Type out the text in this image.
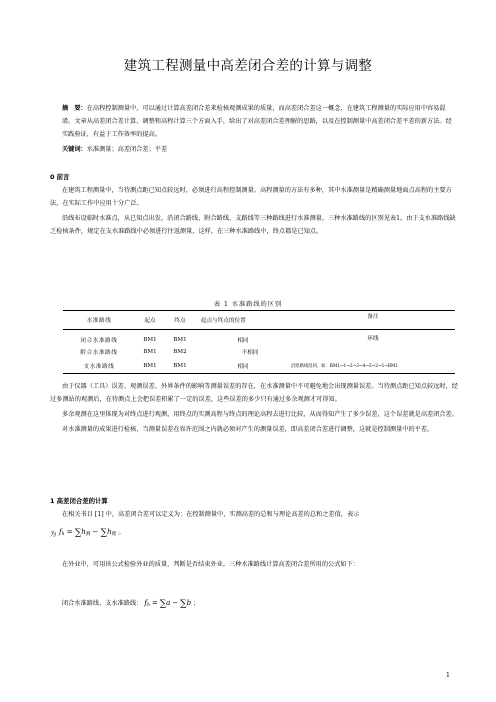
建筑工程测量中高差闭合差的计算与调整

摘　要：在高程控制测量中，可以通过计算高差闭合差来检核观测成果的质量，而高差闭合差这一概念，在建筑工程测量的实际应用中容易混淆。文章从高差闭合差计算、调整和高程计算三个方面入手，给出了对高差闭合差理解的思路，以及在控制测量中高差闭合差平差的新方法。经实践验证，有益于工作效率的提高。

关键词：水准测量；高差闭合差；平差

0 前言

在建筑工程测量中，当待测点距已知点较远时，必须进行高程控制测量。高程测量的方法有多种，其中水准测量是精确测量地面点高程的主要方法，在实际工作中应用十分广泛。

沿线布设临时水准点，从已知点出发，沿闭合路线、附合路线、支路线等三种路线进行水准测量，三种水准路线的区别见表1。由于支水准路线缺乏检核条件，规定在支水准路线中必须进行往返测量，这样，在三种水准路线中，终点都是已知点。

表 1 水准路线的区别
水准路线	起点	终点	起点与终点的位置	备注
闭合水准路线	BM1	BM1	相同	环线
附合水准路线	BM1	BM2	不相同	
支水准路线	BM1	BM1	相同	沿原路线返回，如：BM1→1→2→3→4→3→2→1→BM1

由于仪器（工具）误差、观测误差、外界条件的影响等测量误差的存在，在水准测量中不可避免地会出现测量误差。当待测点距已知点较远时，经过多测站的观测后，在待测点上会把误差积累了一定的误差，这些误差的多少只有通过多余观测才可得知。

多余观测在这里体现为对终点进行观测，用终点的实测高程与终点的理论高程去进行比较，从而得知产生了多少误差，这个误差就是高差闭合差。

对水准测量的成果进行检核，当测量误差在容许范围之内就必须对产生的测量误差，即高差闭合差进行调整，这就是控制测量中的平差。

1 高差闭合差的计算

在相关书目 [1] 中，高差闭合差可以定义为：在控制测量中，实测高差的总和与理论高差的总和之差值，表示

为 $f_h = \sum h_测 - \sum h_理$ 。

在外业中，可用该公式检验外业的质量，判断是否结束外业。三种水准路线计算高差闭合差所用的公式如下：

闭合水准路线、支水准路线： $f_h = \sum a - \sum b$ ；
1
